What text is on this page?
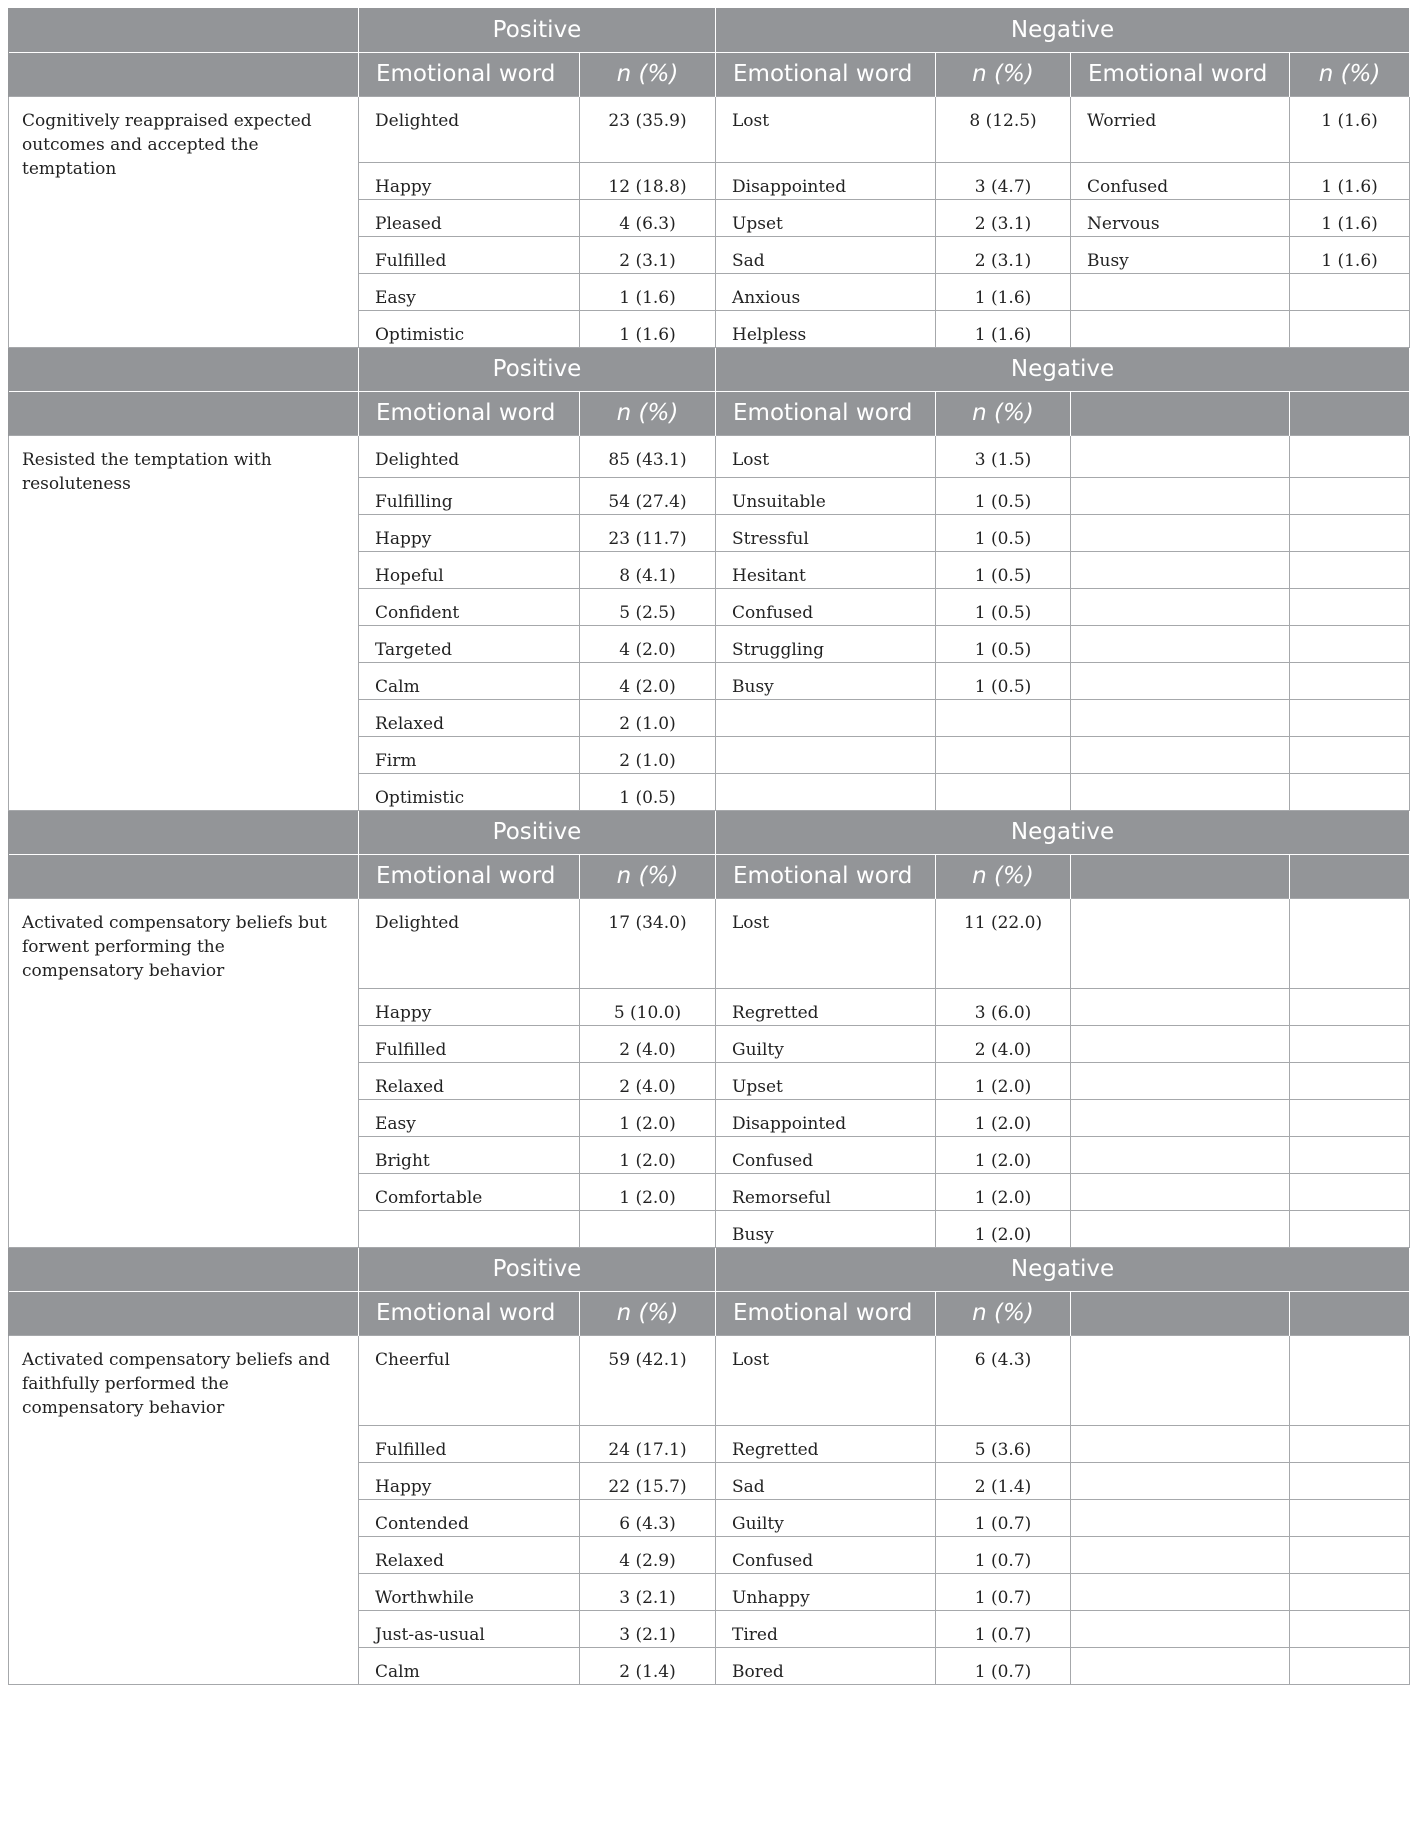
	Positive		Negative			
	Emotional word	n (%)	Emotional word	n (%)	Emotional word	n (%)
Cognitively reappraised expected outcomes and accepted the temptation	Delighted	23 (35.9)	Lost	8 (12.5)	Worried	1 (1.6)
	Happy	12 (18.8)	Disappointed	3 (4.7)	Confused	1 (1.6)
	Pleased	4 (6.3)	Upset	2 (3.1)	Nervous	1 (1.6)
	Fulfilled	2 (3.1)	Sad	2 (3.1)	Busy	1 (1.6)
	Easy	1 (1.6)	Anxious	1 (1.6)		
	Optimistic	1 (1.6)	Helpless	1 (1.6)		
	Positive		Negative			
	Emotional word	n (%)	Emotional word	n (%)		
Resisted the temptation with resoluteness	Delighted	85 (43.1)	Lost	3 (1.5)		
	Fulfilling	54 (27.4)	Unsuitable	1 (0.5)		
	Happy	23 (11.7)	Stressful	1 (0.5)		
	Hopeful	8 (4.1)	Hesitant	1 (0.5)		
	Confident	5 (2.5)	Confused	1 (0.5)		
	Targeted	4 (2.0)	Struggling	1 (0.5)		
	Calm	4 (2.0)	Busy	1 (0.5)		
	Relaxed	2 (1.0)				
	Firm	2 (1.0)				
	Optimistic	1 (0.5)				
	Positive		Negative			
	Emotional word	n (%)	Emotional word	n (%)		
Activated compensatory beliefs but forwent performing the compensatory behavior	Delighted	17 (34.0)	Lost	11 (22.0)		
	Happy	5 (10.0)	Regretted	3 (6.0)		
	Fulfilled	2 (4.0)	Guilty	2 (4.0)		
	Relaxed	2 (4.0)	Upset	1 (2.0)		
	Easy	1 (2.0)	Disappointed	1 (2.0)		
	Bright	1 (2.0)	Confused	1 (2.0)		
	Comfortable	1 (2.0)	Remorseful	1 (2.0)		
			Busy	1 (2.0)		
	Positive		Negative			
	Emotional word	n (%)	Emotional word	n (%)		
Activated compensatory beliefs and faithfully performed the compensatory behavior	Cheerful	59 (42.1)	Lost	6 (4.3)		
	Fulfilled	24 (17.1)	Regretted	5 (3.6)		
	Happy	22 (15.7)	Sad	2 (1.4)		
	Contended	6 (4.3)	Guilty	1 (0.7)		
	Relaxed	4 (2.9)	Confused	1 (0.7)		
	Worthwhile	3 (2.1)	Unhappy	1 (0.7)		
	Just-as-usual	3 (2.1)	Tired	1 (0.7)		
	Calm	2 (1.4)	Bored	1 (0.7)		
